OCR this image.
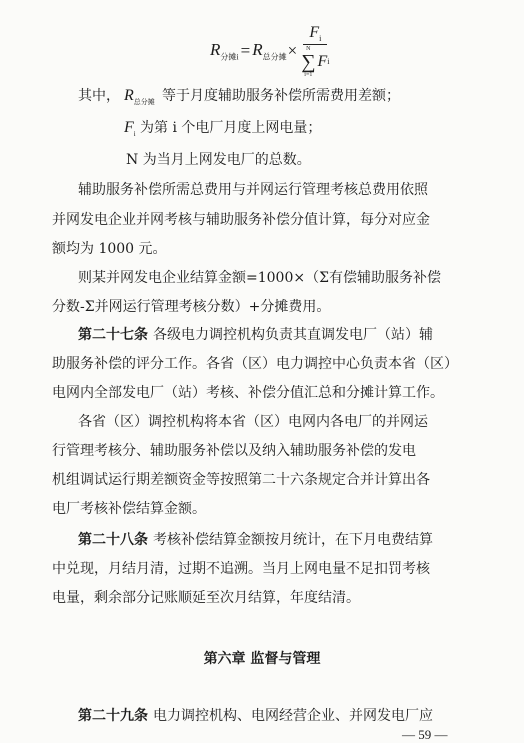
$R_{分摊i} = R_{总分摊} \times F_i$
N
∑
i=1
F i
其中， $R_{总分摊}$ 等于月度辅助服务补偿所需费用差额；
$F_i$ 为第 i 个电厂月度上网电量；
N 为当月上网发电厂的总数。
辅助服务补偿所需总费用与并网运行管理考核总费用依照
并网发电企业并网考核与辅助服务补偿分值计算，每分对应金
额均为 1000 元。
则某并网发电企业结算金额=1000×（Σ有偿辅助服务补偿
分数-Σ并网运行管理考核分数）+分摊费用。
第二十七条 各级电力调控机构负责其直调发电厂（站）辅
助服务补偿的评分工作。各省（区）电力调控中心负责本省（区）
电网内全部发电厂（站）考核、补偿分值汇总和分摊计算工作。
各省（区）调控机构将本省（区）电网内各电厂的并网运
行管理考核分、辅助服务补偿以及纳入辅助服务补偿的发电
机组调试运行期差额资金等按照第二十六条规定合并计算出各
电厂考核补偿结算金额。
第二十八条 考核补偿结算金额按月统计，在下月电费结算
中兑现，月结月清，过期不追溯。当月上网电量不足扣罚考核
电量，剩余部分记账顺延至次月结算，年度结清。
第六章 监督与管理
第二十九条 电力调控机构、电网经营企业、并网发电厂应
— 59 —
